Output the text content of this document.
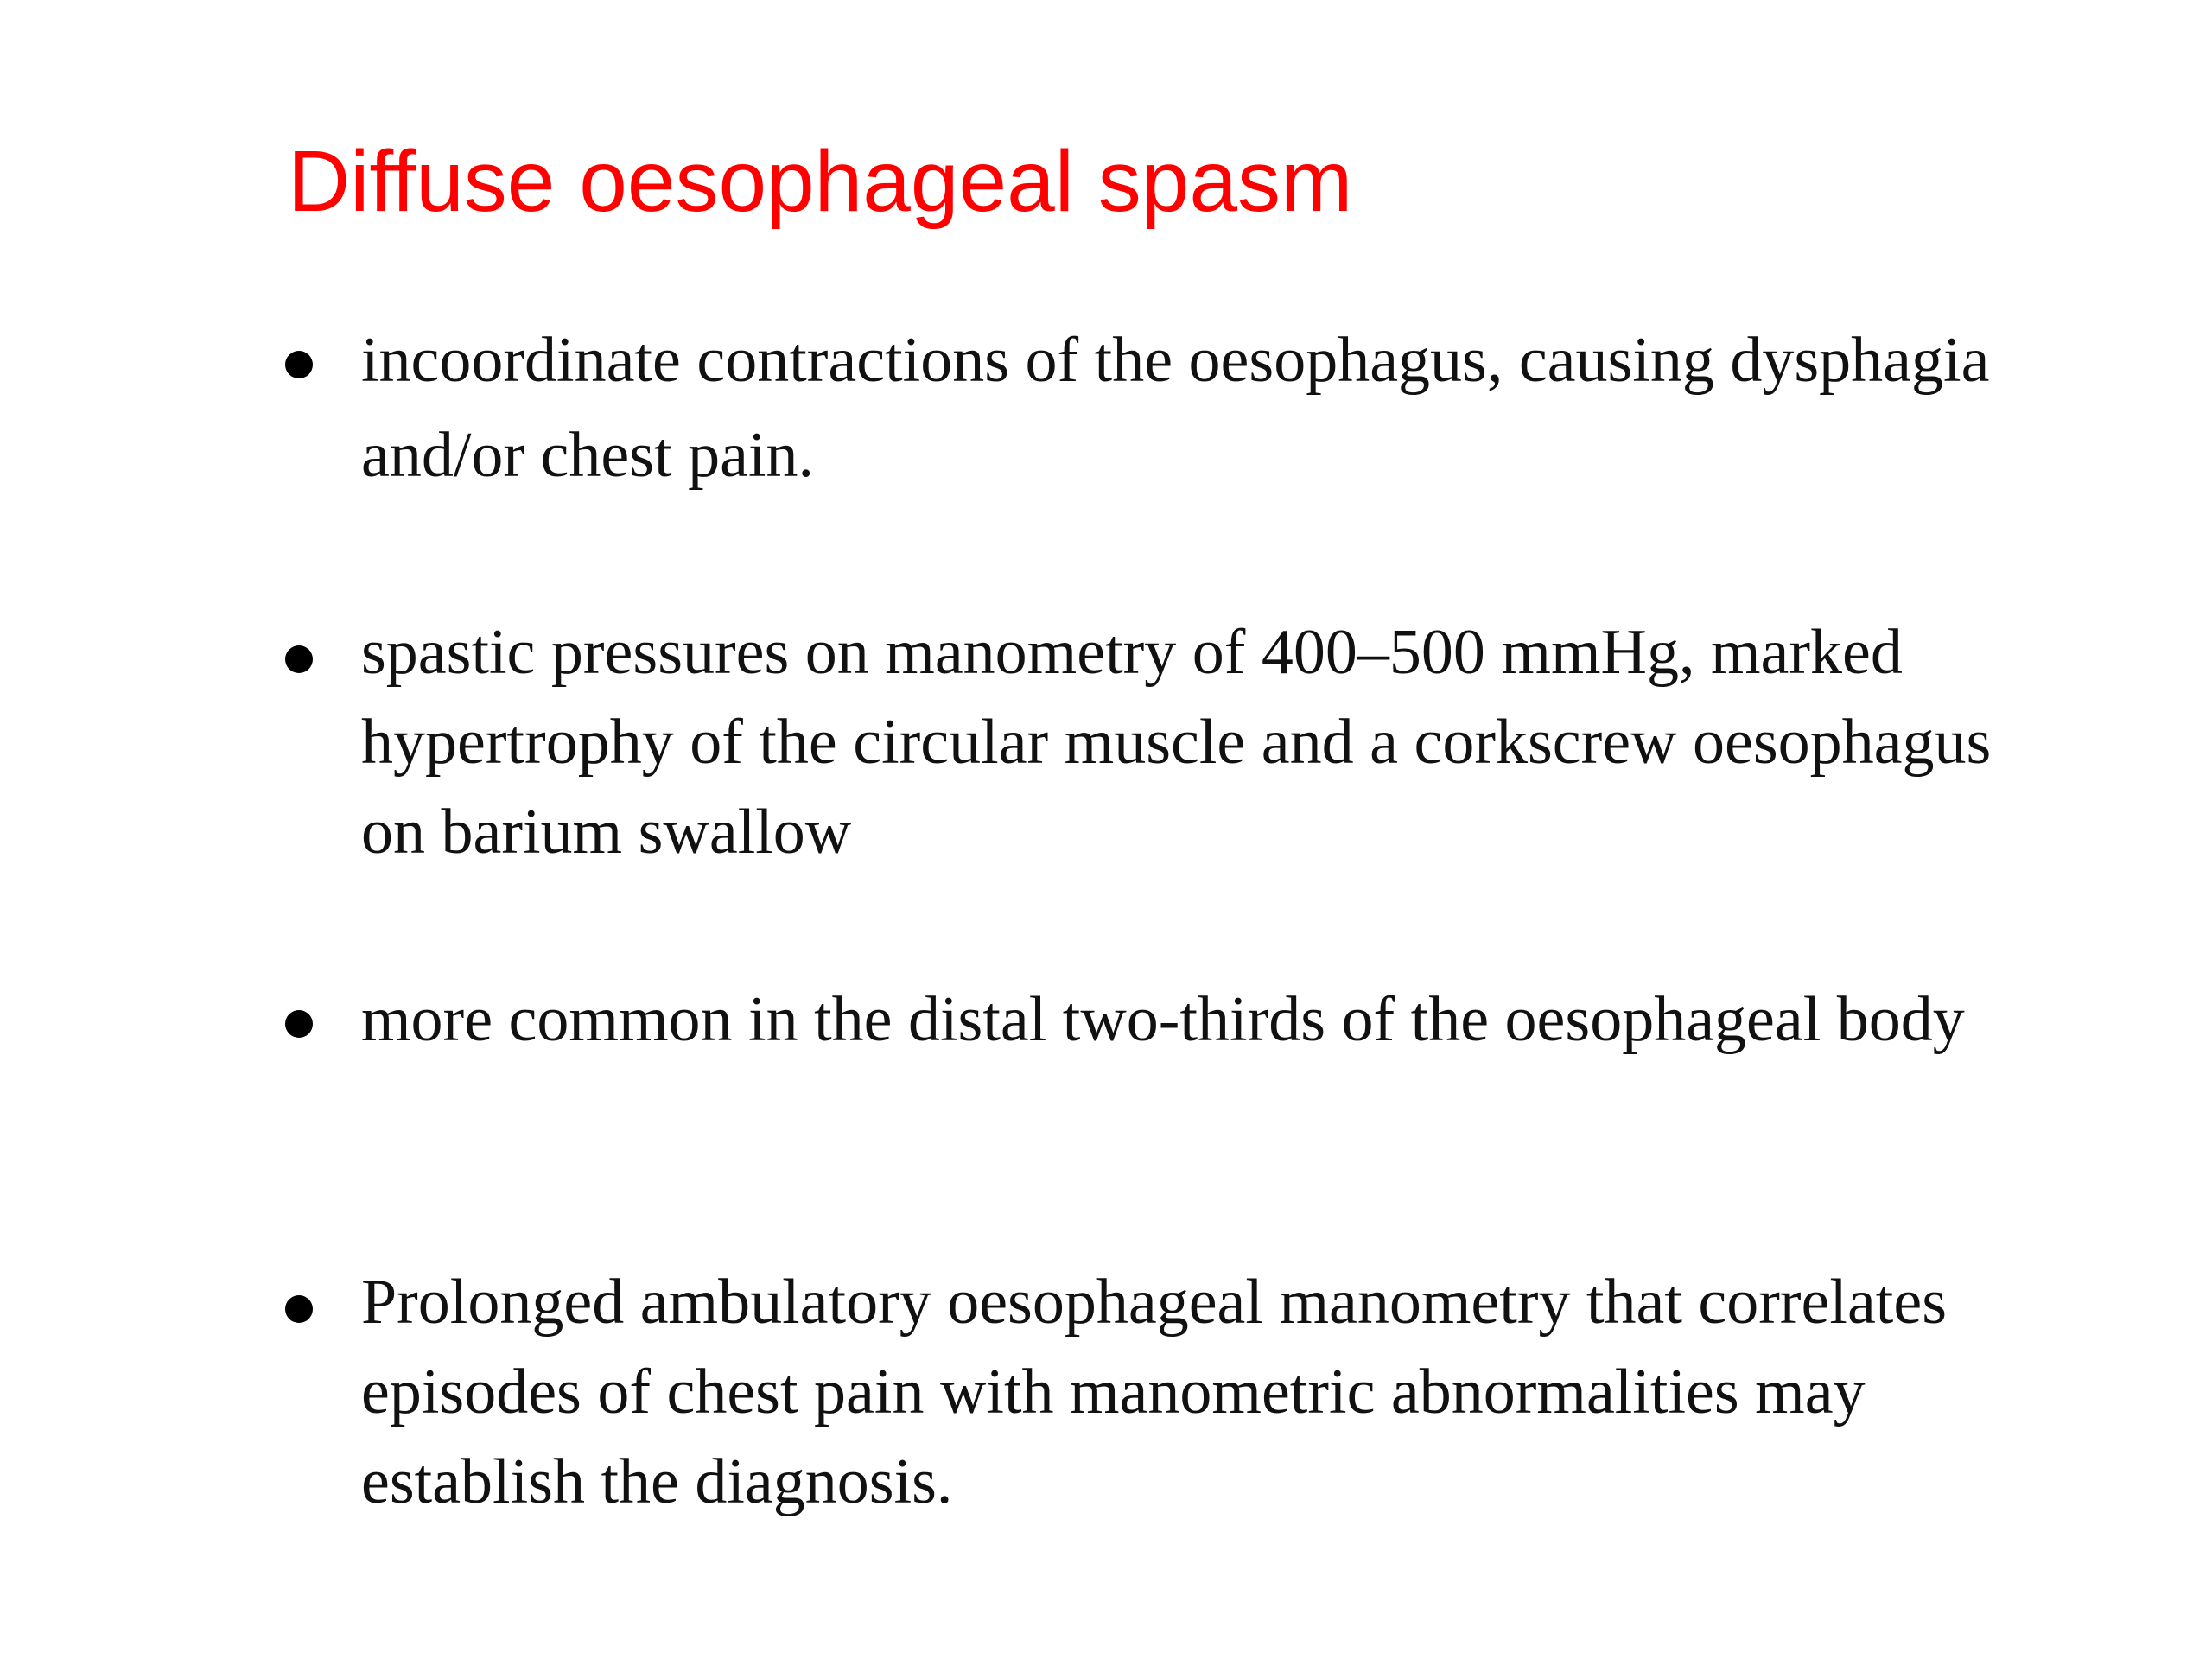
Diffuse oesophageal spasm

incoordinate contractions of the oesophagus, causing dysphagia and/or chest pain.

spastic pressures on manometry of 400–500 mmHg, marked hypertrophy of the circular muscle and a corkscrew oesophagus on barium swallow

more common in the distal two-thirds of the oesophageal body

Prolonged ambulatory oesophageal manometry that correlates episodes of chest pain with manometric abnormalities may establish the diagnosis.
